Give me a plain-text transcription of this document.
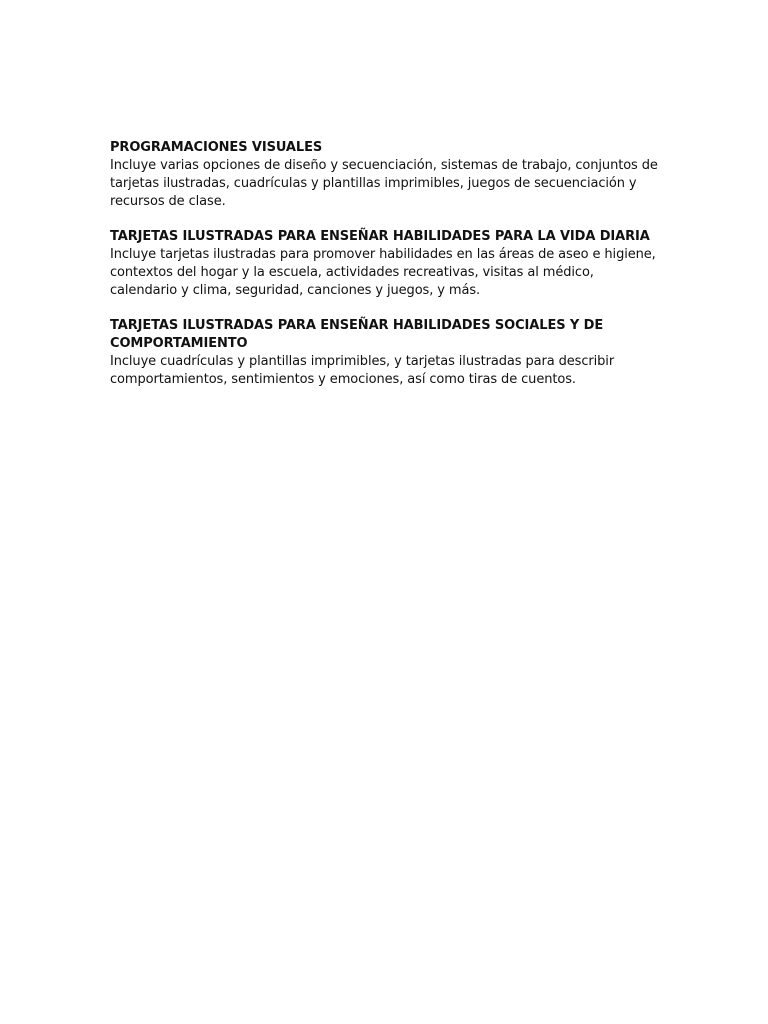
PROGRAMACIONES VISUALES

Incluye varias opciones de diseño y secuenciación, sistemas de trabajo, conjuntos de tarjetas ilustradas, cuadrículas y plantillas imprimibles, juegos de secuenciación y recursos de clase.

TARJETAS ILUSTRADAS PARA ENSEÑAR HABILIDADES PARA LA VIDA DIARIA

Incluye tarjetas ilustradas para promover habilidades en las áreas de aseo e higiene, contextos del hogar y la escuela, actividades recreativas, visitas al médico, calendario y clima, seguridad, canciones y juegos, y más.

TARJETAS ILUSTRADAS PARA ENSEÑAR HABILIDADES SOCIALES Y DE COMPORTAMIENTO

Incluye cuadrículas y plantillas imprimibles, y tarjetas ilustradas para describir comportamientos, sentimientos y emociones, así como tiras de cuentos.
